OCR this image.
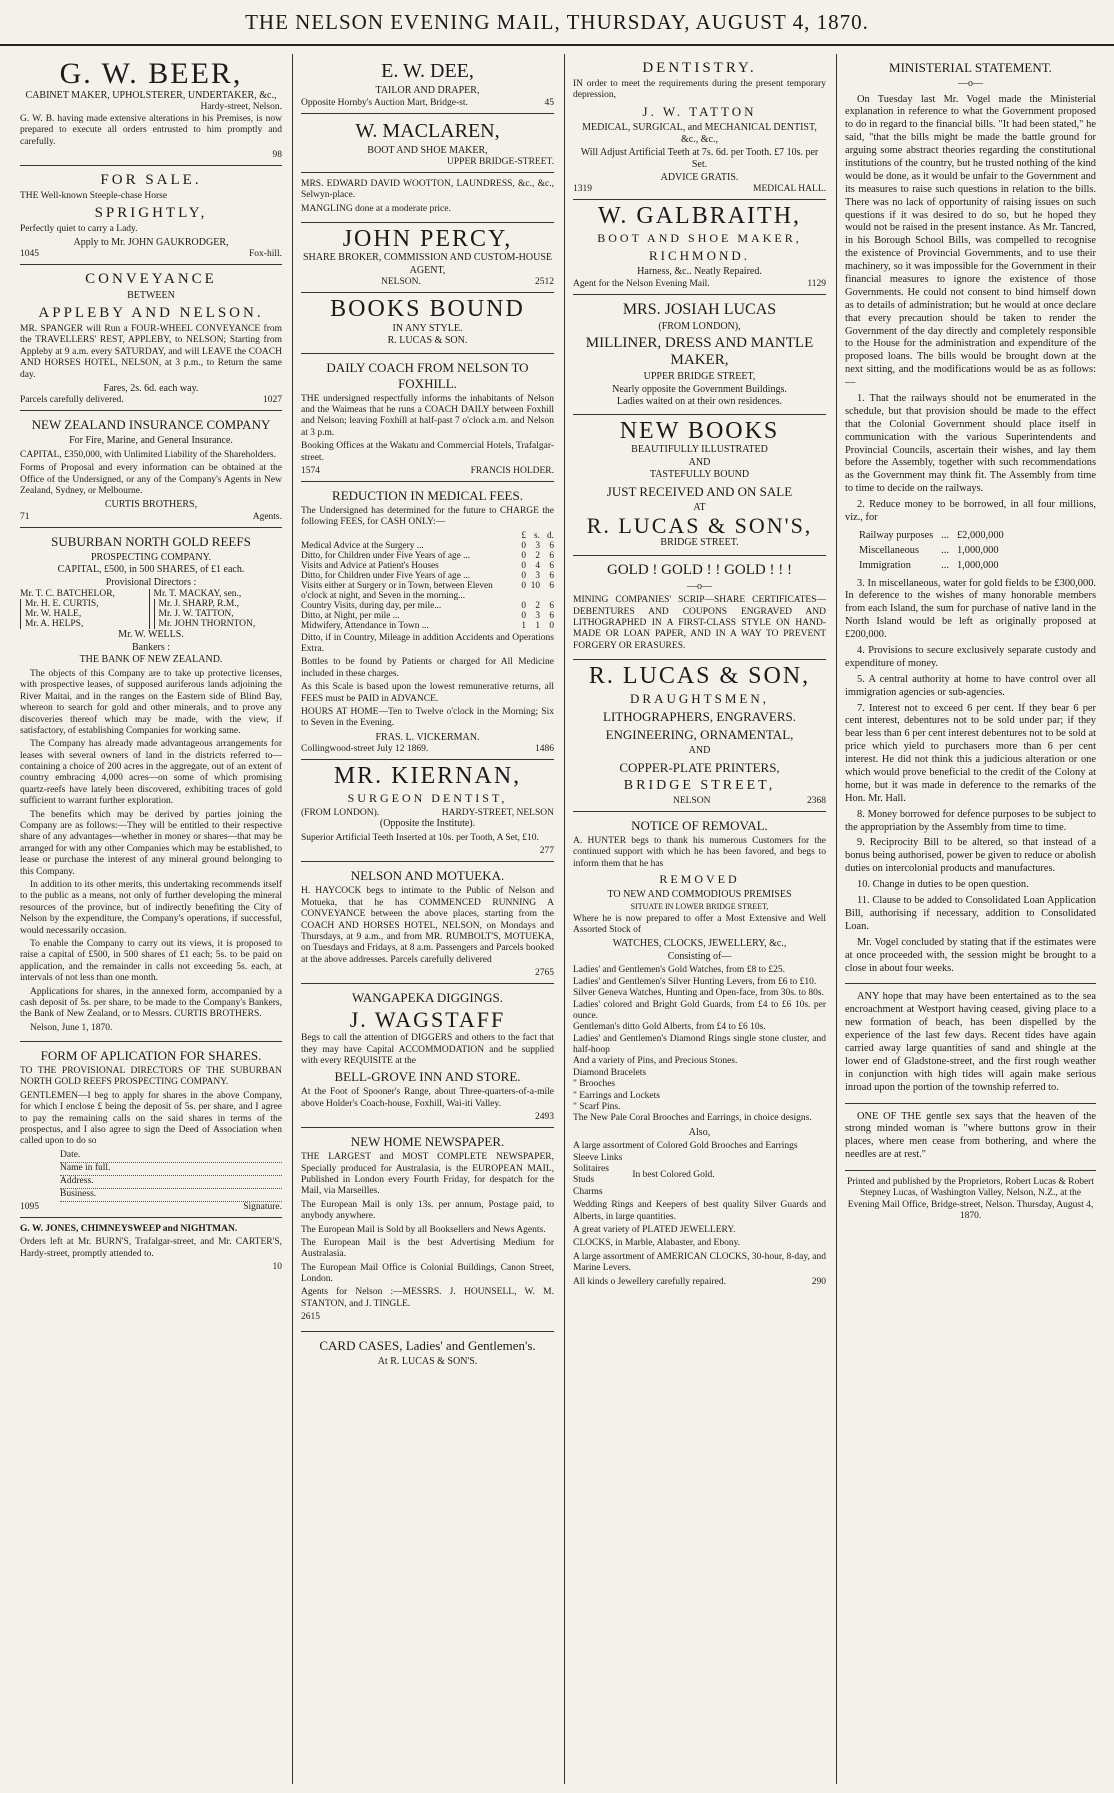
THE NELSON EVENING MAIL, THURSDAY, AUGUST 4, 1870.
G. W. BEER,
CABINET MAKER, UPHOLSTERER, UNDERTAKER, &c.,
Hardy-street, Nelson.
G. W. B. having made extensive alterations in his Premises, is now prepared to execute all orders entrusted to him promptly and carefully.
98
FOR SALE.
THE Well-known Steeple-chase Horse
SPRIGHTLY,
Perfectly quiet to carry a Lady.
Apply to Mr. JOHN GAUKRODGER,
1045	Fox-hill.
CONVEYANCE
BETWEEN
APPLEBY AND NELSON.
MR. SPANGER will Run a FOUR-WHEEL CONVEYANCE from the TRAVELLERS' REST, APPLEBY, to NELSON; Starting from Appleby at 9 a.m. every SATURDAY, and will LEAVE the COACH AND HORSES HOTEL, NELSON, at 3 p.m., to Return the same day.
Fares, 2s. 6d. each way.
Parcels carefully delivered.	1027
NEW ZEALAND INSURANCE COMPANY
For Fire, Marine, and General Insurance.
CAPITAL, £350,000, with Unlimited Liability of the Shareholders.
Forms of Proposal and every information can be obtained at the Office of the Undersigned, or any of the Company's Agents in New Zealand, Sydney, or Melbourne.
CURTIS BROTHERS,
71	Agents.
SUBURBAN NORTH GOLD REEFS
PROSPECTING COMPANY.
CAPITAL, £500, in 500 SHARES, of £1 each.
Provisional Directors :
Mr. T. C. BATCHELOR,
Mr. H. E. CURTIS,
Mr. W. HALE,
Mr. A. HELPS,
Mr. T. MACKAY, sen.,
Mr. J. SHARP, R.M.,
Mr. J. W. TATTON,
Mr. JOHN THORNTON,
Mr. W. WELLS.
Bankers :
THE BANK OF NEW ZEALAND.

The objects of this Company are to take up protective licenses, with prospective leases, of supposed auriferous lands adjoining the River Maitai, and in the ranges on the Eastern side of Blind Bay, whereon to search for gold and other minerals, and to prove any discoveries thereof which may be made, with the view, if satisfactory, of establishing Companies for working same.

The Company has already made advantageous arrangements for leases with several owners of land in the districts referred to—containing a choice of 200 acres in the aggregate, out of an extent of country embracing 4,000 acres—on some of which promising quartz-reefs have lately been discovered, exhibiting traces of gold sufficient to warrant further exploration.

The benefits which may be derived by parties joining the Company are as follows:—They will be entitled to their respective share of any advantages—whether in money or shares—that may be arranged for with any other Companies which may be established, to lease or purchase the interest of any mineral ground belonging to this Company.

In addition to its other merits, this undertaking recommends itself to the public as a means, not only of further developing the mineral resources of the province, but of indirectly benefiting the City of Nelson by the expenditure, the Company's operations, if successful, would necessarily occasion.

To enable the Company to carry out its views, it is proposed to raise a capital of £500, in 500 shares of £1 each; 5s. to be paid on application, and the remainder in calls not exceeding 5s. each, at intervals of not less than one month.

Applications for shares, in the annexed form, accompanied by a cash deposit of 5s. per share, to be made to the Company's Bankers, the Bank of New Zealand, or to Messrs. CURTIS BROTHERS.

Nelson, June 1, 1870.

FORM OF APLICATION FOR SHARES.
TO THE PROVISIONAL DIRECTORS OF THE SUBURBAN NORTH GOLD REEFS PROSPECTING COMPANY.
GENTLEMEN—I beg to apply for shares in the above Company, for which I enclose £ being the deposit of 5s. per share, and I agree to pay the remaining calls on the said shares in terms of the prospectus, and I also agree to sign the Deed of Association when called upon to do so
Date.
Name in full.
Address.
Business.
1095	Signature.
G. W. JONES, CHIMNEYSWEEP and NIGHTMAN.
Orders left at Mr. BURN'S, Trafalgar-street, and Mr. CARTER'S, Hardy-street, promptly attended to.
10
E. W. DEE,
TAILOR AND DRAPER,
Opposite Hornby's Auction Mart, Bridge-st.	45
W. MACLAREN,
BOOT AND SHOE MAKER,
UPPER BRIDGE-STREET.
MRS. EDWARD DAVID WOOTTON, LAUNDRESS, &c., &c., Selwyn-place.
MANGLING done at a moderate price.
JOHN PERCY,
SHARE BROKER, COMMISSION AND CUSTOM-HOUSE AGENT,
NELSON.	2512
BOOKS BOUND
IN ANY STYLE.
R. LUCAS & SON.
DAILY COACH FROM NELSON TO FOXHILL.
THE undersigned respectfully informs the inhabitants of Nelson and the Waimeas that he runs a COACH DAILY between Foxhill and Nelson; leaving Foxhill at half-past 7 o'clock a.m. and Nelson at 3 p.m.
Booking Offices at the Wakatu and Commercial Hotels, Trafalgar-street.
1574	FRANCIS HOLDER.
REDUCTION IN MEDICAL FEES.
The Undersigned has determined for the future to CHARGE the following FEES, for CASH ONLY:—
	£	s.	d.
Medical Advice at the Surgery ...	0	3	6
Ditto, for Children under Five Years of age ...	0	2	6
Visits and Advice at Patient's Houses	0	4	6
Ditto, for Children under Five Years of age ...	0	3	6
Visits either at Surgery or in Town, between Eleven o'clock at night, and Seven in the morning...	0	10	6
Country Visits, during day, per mile...	0	2	6
Ditto, at Night, per mile ...	0	3	6
Midwifery, Attendance in Town ...	1	1	0
Ditto, if in Country, Mileage in addition Accidents and Operations Extra.
Bottles to be found by Patients or charged for All Medicine included in these charges.
As this Scale is based upon the lowest remunerative returns, all FEES must be PAID in ADVANCE.
HOURS AT HOME—Ten to Twelve o'clock in the Morning; Six to Seven in the Evening.
FRAS. L. VICKERMAN.
Collingwood-street July 12 1869.	1486
MR. KIERNAN,
SURGEON DENTIST,
(FROM LONDON).	HARDY-STREET, NELSON
(Opposite the Institute).
Superior Artificial Teeth Inserted at 10s. per Tooth, A Set, £10.
277
NELSON AND MOTUEKA.
H. HAYCOCK begs to intimate to the Public of Nelson and Motueka, that he has COMMENCED RUNNING A CONVEYANCE between the above places, starting from the COACH AND HORSES HOTEL, NELSON, on Mondays and Thursdays, at 9 a.m., and from MR. RUMBOLT'S, MOTUEKA, on Tuesdays and Fridays, at 8 a.m. Passengers and Parcels booked at the above addresses. Parcels carefully delivered
2765
WANGAPEKA DIGGINGS.
J. WAGSTAFF
Begs to call the attention of DIGGERS and others to the fact that they may have Capital ACCOMMODATION and be supplied with every REQUISITE at the
BELL-GROVE INN AND STORE.
At the Foot of Spooner's Range, about Three-quarters-of-a-mile above Holder's Coach-house, Foxhill, Wai-iti Valley.
2493
NEW HOME NEWSPAPER.
THE LARGEST and MOST COMPLETE NEWSPAPER, Specially produced for Australasia, is the EUROPEAN MAIL, Published in London every Fourth Friday, for despatch for the Mail, via Marseilles.
The European Mail is only 13s. per annum, Postage paid, to anybody anywhere.
The European Mail is Sold by all Booksellers and News Agents.
The European Mail is the best Advertising Medium for Australasia.
The European Mail Office is Colonial Buildings, Canon Street, London.
Agents for Nelson :—MESSRS. J. HOUNSELL, W. M. STANTON, and J. TINGLE.
2615
CARD CASES, Ladies' and Gentlemen's.
At R. LUCAS & SON'S.
DENTISTRY.
IN order to meet the requirements during the present temporary depression,
J. W. TATTON
MEDICAL, SURGICAL, and MECHANICAL DENTIST, &c., &c.,
Will Adjust Artificial Teeth at 7s. 6d. per Tooth. £7 10s. per Set.
ADVICE GRATIS.
1319	MEDICAL HALL.
W. GALBRAITH,
BOOT AND SHOE MAKER,
RICHMOND.
Harness, &c.. Neatly Repaired.
Agent for the Nelson Evening Mail.	1129
MRS. JOSIAH LUCAS
(FROM LONDON),
MILLINER, DRESS AND MANTLE MAKER,
UPPER BRIDGE STREET,
Nearly opposite the Government Buildings.
Ladies waited on at their own residences.
NEW BOOKS
BEAUTIFULLY ILLUSTRATED
AND
TASTEFULLY BOUND
JUST RECEIVED AND ON SALE
AT
R. LUCAS & SON'S,
BRIDGE STREET.
GOLD ! GOLD ! ! GOLD ! ! !
—o—
MINING COMPANIES' SCRIP—SHARE CERTIFICATES—DEBENTURES AND COUPONS ENGRAVED AND LITHOGRAPHED IN A FIRST-CLASS STYLE ON HAND-MADE OR LOAN PAPER, AND IN A WAY TO PREVENT FORGERY OR ERASURES.
R. LUCAS & SON,
DRAUGHTSMEN,
LITHOGRAPHERS, ENGRAVERS.
ENGINEERING, ORNAMENTAL,
AND
COPPER-PLATE PRINTERS,
BRIDGE STREET,
NELSON	2368
NOTICE OF REMOVAL.
A. HUNTER begs to thank his numerous Customers for the continued support with which he has been favored, and begs to inform them that he has
REMOVED
TO NEW AND COMMODIOUS PREMISES
SITUATE IN LOWER BRIDGE STREET,
Where he is now prepared to offer a Most Extensive and Well Assorted Stock of
WATCHES, CLOCKS, JEWELLERY, &c.,
Consisting of—
Ladies' and Gentlemen's Gold Watches, from £8 to £25.
Ladies' and Gentlemen's Silver Hunting Levers, from £6 to £10.
Silver Geneva Watches, Hunting and Open-face, from 30s. to 80s.
Ladies' colored and Bright Gold Guards, from £4 to £6 10s. per ounce.
Gentleman's ditto Gold Alberts, from £4 to £6 10s.
Ladies' and Gentlemen's Diamond Rings single stone cluster, and half-hoop
And a variety of Pins, and Precious Stones.
Diamond Bracelets
" Brooches
" Earrings and Lockets
" Scarf Pins.
The New Pale Coral Brooches and Earrings, in choice designs.
Also,
A large assortment of Colored Gold Brooches and Earrings
Sleeve Links
Solitaires
Studs
Charms
In best Colored Gold.
Wedding Rings and Keepers of best quality Silver Guards and Alberts, in large quantities.
A great variety of PLATED JEWELLERY.
CLOCKS, in Marble, Alabaster, and Ebony.
A large assortment of AMERICAN CLOCKS, 30-hour, 8-day, and Marine Levers.
All kinds o Jewellery carefully repaired.	290
MINISTERIAL STATEMENT.
—o—

On Tuesday last Mr. Vogel made the Ministerial explanation in reference to what the Government proposed to do in regard to the financial bills. "It had been stated," he said, "that the bills might be made the battle ground for arguing some abstract theories regarding the constitutional institutions of the country, but he trusted nothing of the kind would be done, as it would be unfair to the Government and its measures to raise such questions in relation to the bills. There was no lack of opportunity of raising issues on such questions if it was desired to do so, but he hoped they would not be raised in the present instance. As Mr. Tancred, in his Borough School Bills, was compelled to recognise the existence of Provincial Governments, and to use their machinery, so it was impossible for the Government in their financial measures to ignore the existence of those Governments. He could not consent to bind himself down as to details of administration; but he would at once declare that every precaution should be taken to render the Government of the day directly and completely responsible to the House for the administration and expenditure of the proposed loans. The bills would be brought down at the next sitting, and the modifications would be as as follows:—

1. That the railways should not be enumerated in the schedule, but that provision should be made to the effect that the Colonial Government should place itself in communication with the various Superintendents and Provincial Councils, ascertain their wishes, and lay them before the Assembly, together with such recommendations as the Government may think fit. The Assembly from time to time to decide on the railways.

2. Reduce money to be borrowed, in all four millions, viz., for

Railway purposes	...	£2,000,000
Miscellaneous	...	1,000,000
Immigration	...	1,000,000

3. In miscellaneous, water for gold fields to be £300,000. In deference to the wishes of many honorable members from each Island, the sum for purchase of native land in the North Island would be left as originally proposed at £200,000.

4. Provisions to secure exclusively separate custody and expenditure of money.

5. A central authority at home to have control over all immigration agencies or sub-agencies.

7. Interest not to exceed 6 per cent. If they bear 6 per cent interest, debentures not to be sold under par; if they bear less than 6 per cent interest debentures not to be sold at price which yield to purchasers more than 6 per cent interest. He did not think this a judicious alteration or one which would prove beneficial to the credit of the Colony at home, but it was made in deference to the remarks of the Hon. Mr. Hall.

8. Money borrowed for defence purposes to be subject to the appropriation by the Assembly from time to time.

9. Reciprocity Bill to be altered, so that instead of a bonus being authorised, power be given to reduce or abolish duties on intercolonial products and manufactures.

10. Change in duties to be open question.

11. Clause to be added to Consolidated Loan Application Bill, authorising if necessary, addition to Consolidated Loan.

Mr. Vogel concluded by stating that if the estimates were at once proceeded with, the session might be brought to a close in about four weeks.

ANY hope that may have been entertained as to the sea encroachment at Westport having ceased, giving place to a new formation of beach, has been dispelled by the experience of the last few days. Recent tides have again carried away large quantities of sand and shingle at the lower end of Gladstone-street, and the first rough weather in conjunction with high tides will again make serious inroad upon the portion of the township referred to.

ONE OF THE gentle sex says that the heaven of the strong minded woman is "where buttons grow in their places, where men cease from bothering, and where the needles are at rest."

Printed and published by the Proprietors, Robert Lucas & Robert Stepney Lucas, of Washington Valley, Nelson, N.Z., at the Evening Mail Office, Bridge-street, Nelson. Thursday, August 4, 1870.
